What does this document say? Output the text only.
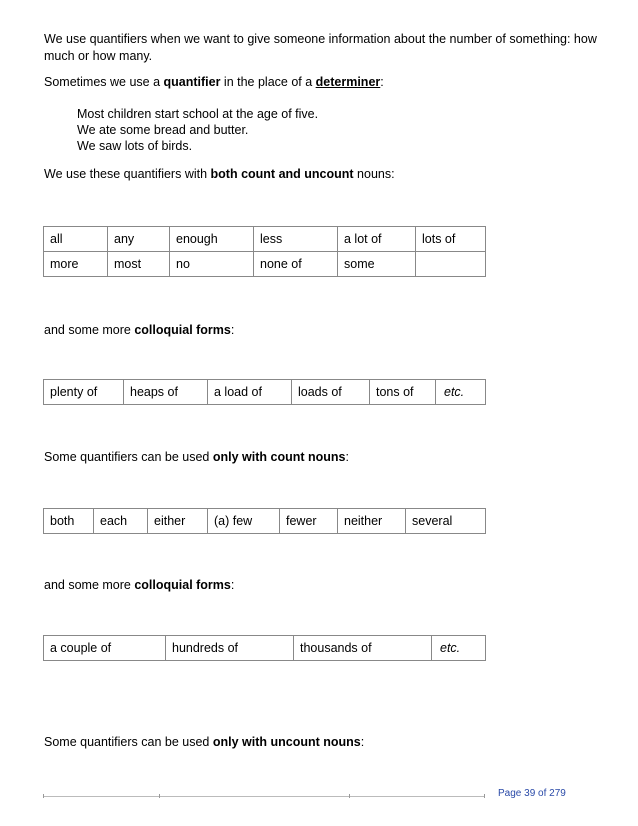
We use quantifiers when we want to give someone information about the number of something: how much or how many.

Sometimes we use a quantifier in the place of a determiner:

Most children start school at the age of five.

We ate some bread and butter.

We saw lots of birds.

We use these quantifiers with both count and uncount nouns:

all	any	enough	less	a lot of	lots of
more	most	no	none of	some	

and some more colloquial forms:

plenty of	heaps of	a load of	loads of	tons of	etc.

Some quantifiers can be used only with count nouns:

both	each	either	(a) few	fewer	neither	several

and some more colloquial forms:

a couple of	hundreds of	thousands of	etc.

Some quantifiers can be used only with uncount nouns:

Page 39 of 279
